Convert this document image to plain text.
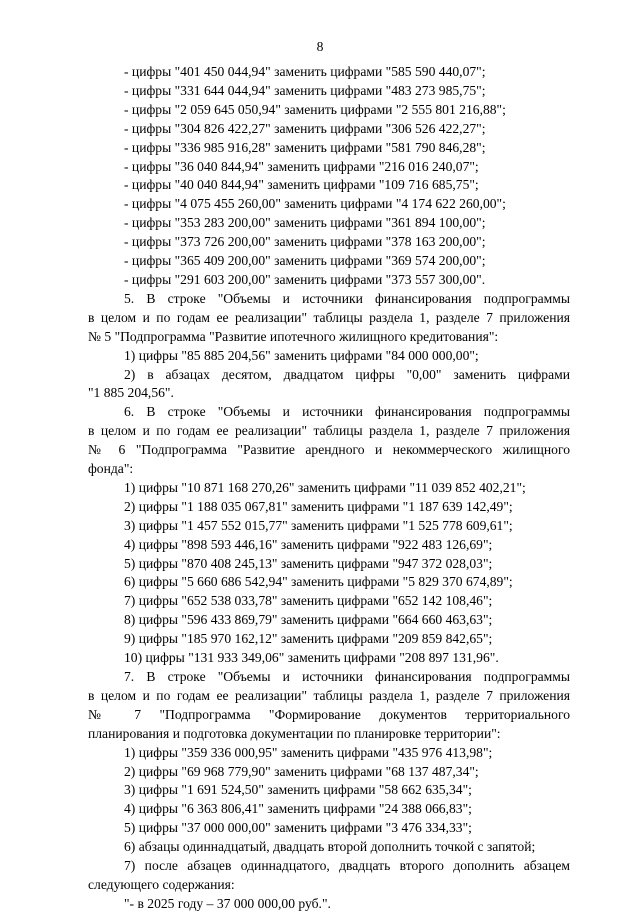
8
- цифры "401 450 044,94" заменить цифрами "585 590 440,07";
- цифры "331 644 044,94" заменить цифрами "483 273 985,75";
- цифры "2 059 645 050,94" заменить цифрами "2 555 801 216,88";
- цифры "304 826 422,27" заменить цифрами "306 526 422,27";
- цифры "336 985 916,28" заменить цифрами "581 790 846,28";
- цифры "36 040 844,94" заменить цифрами "216 016 240,07";
- цифры "40 040 844,94" заменить цифрами "109 716 685,75";
- цифры "4 075 455 260,00" заменить цифрами "4 174 622 260,00";
- цифры "353 283 200,00" заменить цифрами "361 894 100,00";
- цифры "373 726 200,00" заменить цифрами "378 163 200,00";
- цифры "365 409 200,00" заменить цифрами "369 574 200,00";
- цифры "291 603 200,00" заменить цифрами "373 557 300,00".
5. В строке "Объемы и источники финансирования подпрограммы
в целом и по годам ее реализации" таблицы раздела 1, разделе 7 приложения
№ 5 "Подпрограмма "Развитие ипотечного жилищного кредитования":
1) цифры "85 885 204,56" заменить цифрами "84 000 000,00";
2) в абзацах десятом, двадцатом цифры "0,00" заменить цифрами
"1 885 204,56".
6. В строке "Объемы и источники финансирования подпрограммы
в целом и по годам ее реализации" таблицы раздела 1, разделе 7 приложения
№ 6 "Подпрограмма "Развитие арендного и некоммерческого жилищного
фонда":
1) цифры "10 871 168 270,26" заменить цифрами "11 039 852 402,21";
2) цифры "1 188 035 067,81" заменить цифрами "1 187 639 142,49";
3) цифры "1 457 552 015,77" заменить цифрами "1 525 778 609,61";
4) цифры "898 593 446,16" заменить цифрами "922 483 126,69";
5) цифры "870 408 245,13" заменить цифрами "947 372 028,03";
6) цифры "5 660 686 542,94" заменить цифрами "5 829 370 674,89";
7) цифры "652 538 033,78" заменить цифрами "652 142 108,46";
8) цифры "596 433 869,79" заменить цифрами "664 660 463,63";
9) цифры "185 970 162,12" заменить цифрами "209 859 842,65";
10) цифры "131 933 349,06" заменить цифрами "208 897 131,96".
7. В строке "Объемы и источники финансирования подпрограммы
в целом и по годам ее реализации" таблицы раздела 1, разделе 7 приложения
№ 7 "Подпрограмма "Формирование документов территориального
планирования и подготовка документации по планировке территории":
1) цифры "359 336 000,95" заменить цифрами "435 976 413,98";
2) цифры "69 968 779,90" заменить цифрами "68 137 487,34";
3) цифры "1 691 524,50" заменить цифрами "58 662 635,34";
4) цифры "6 363 806,41" заменить цифрами "24 388 066,83";
5) цифры "37 000 000,00" заменить цифрами "3 476 334,33";
6) абзацы одиннадцатый, двадцать второй дополнить точкой с запятой;
7) после абзацев одиннадцатого, двадцать второго дополнить абзацем
следующего содержания:
"- в 2025 году – 37 000 000,00 руб.".
